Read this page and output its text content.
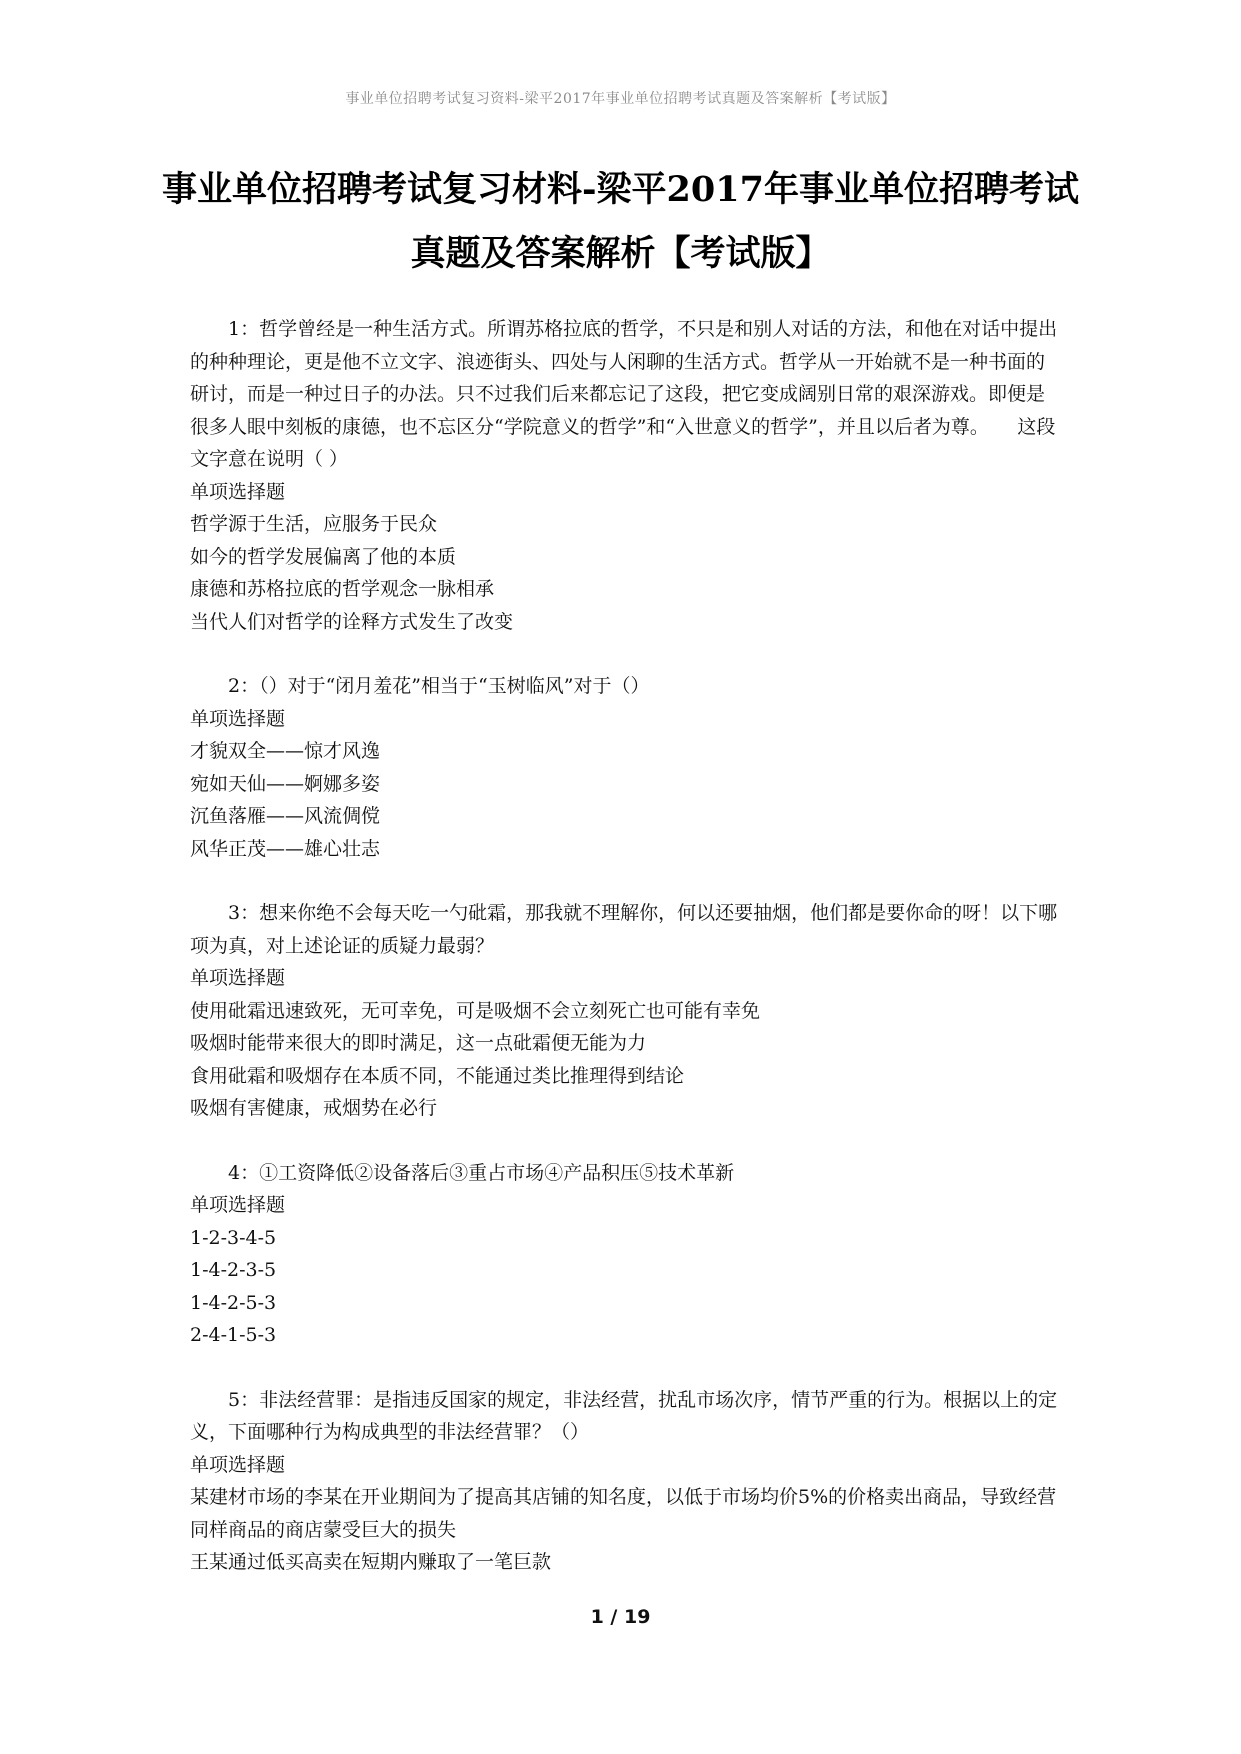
事业单位招聘考试复习资料-梁平2017年事业单位招聘考试真题及答案解析【考试版】
事业单位招聘考试复习材料-梁平2017年事业单位招聘考试真题及答案解析【考试版】

1：哲学曾经是一种生活方式。所谓苏格拉底的哲学，不只是和别人对话的方法，和他在对话中提出的种种理论，更是他不立文字、浪迹街头、四处与人闲聊的生活方式。哲学从一开始就不是一种书面的研讨，而是一种过日子的办法。只不过我们后来都忘记了这段，把它变成阔别日常的艰深游戏。即便是很多人眼中刻板的康德，也不忘区分“学院意义的哲学”和“入世意义的哲学”，并且以后者为尊。　　这段文字意在说明（ ）

单项选择题

哲学源于生活，应服务于民众

如今的哲学发展偏离了他的本质

康德和苏格拉底的哲学观念一脉相承

当代人们对哲学的诠释方式发生了改变

2：（）对于“闭月羞花”相当于“玉树临风”对于（）

单项选择题

才貌双全——惊才风逸

宛如天仙——婀娜多姿

沉鱼落雁——风流倜傥

风华正茂——雄心壮志

3：想来你绝不会每天吃一勺砒霜，那我就不理解你，何以还要抽烟，他们都是要你命的呀！以下哪项为真，对上述论证的质疑力最弱？

单项选择题

使用砒霜迅速致死，无可幸免，可是吸烟不会立刻死亡也可能有幸免

吸烟时能带来很大的即时满足，这一点砒霜便无能为力

食用砒霜和吸烟存在本质不同，不能通过类比推理得到结论

吸烟有害健康，戒烟势在必行

4：①工资降低②设备落后③重占市场④产品积压⑤技术革新

单项选择题

1-2-3-4-5

1-4-2-3-5

1-4-2-5-3

2-4-1-5-3

5：非法经营罪：是指违反国家的规定，非法经营，扰乱市场次序，情节严重的行为。根据以上的定义，下面哪种行为构成典型的非法经营罪？（）

单项选择题

某建材市场的李某在开业期间为了提高其店铺的知名度，以低于市场均价5%的价格卖出商品，导致经营同样商品的商店蒙受巨大的损失

王某通过低买高卖在短期内赚取了一笔巨款

1 / 19
